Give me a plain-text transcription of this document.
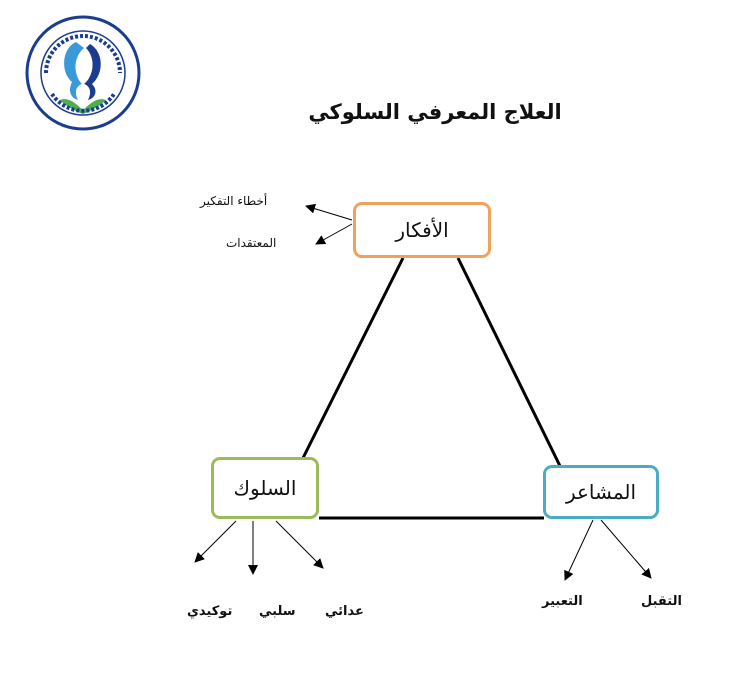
العلاج المعرفي السلوكي
الأفكار
السلوك	المشاعر
أخطاء التفكير
المعتقدات
توكيدي سلبي عدائي
التعبير	التقبل
